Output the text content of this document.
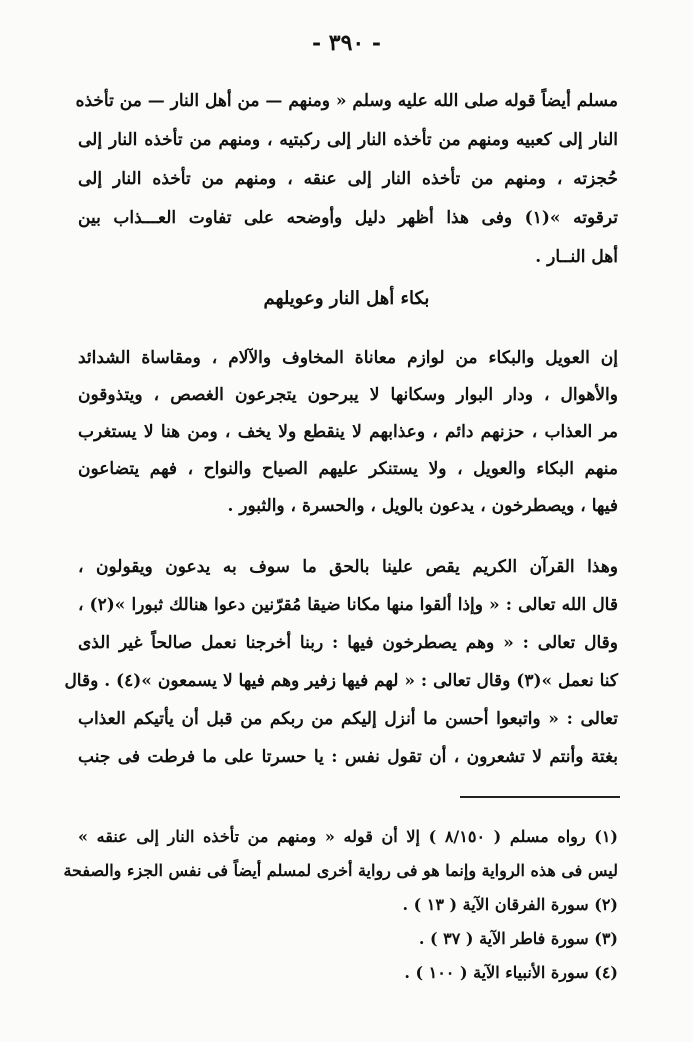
- ٣٩٠ -
مسلم أيضاً قوله صلى الله عليه وسلم « ومنهم — من أهل النار — من تأخذه
النار إلى كعبيه ومنهم من تأخذه النار إلى ركبتيه ، ومنهم من تأخذه النار إلى
حُجزته ، ومنهم من تأخذه النار إلى عنقه ، ومنهم من تأخذه النار إلى
ترقوته »(١) وفى هذا أظهر دليل وأوضحه على تفاوت العـــذاب بين
أهل النــار .
بكاء أهل النار وعويلهم
إن العويل والبكاء من لوازم معاناة المخاوف والآلام ، ومقاساة الشدائد
والأهوال ، ودار البوار وسكانها لا يبرحون يتجرعون الغصص ، ويتذوقون
مر العذاب ، حزنهم دائم ، وعذابهم لا ينقطع ولا يخف ، ومن هنا لا يستغرب
منهم البكاء والعويل ، ولا يستنكر عليهم الصياح والنواح ، فهم يتضاعون
فيها ، ويصطرخون ، يدعون بالويل ، والحسرة ، والثبور .
وهذا القرآن الكريم يقص علينا بالحق ما سوف به يدعون ويقولون ،
قال الله تعالى : « وإذا ألقوا منها مكانا ضيقا مُقرّنين دعوا هنالك ثبورا »(٢) ،
وقال تعالى : « وهم يصطرخون فيها : ربنا أخرجنا نعمل صالحاً غير الذى
كنا نعمل »(٣) وقال تعالى : « لهم فيها زفير وهم فيها لا يسمعون »(٤) . وقال
تعالى : « واتبعوا أحسن ما أنزل إليكم من ربكم من قبل أن يأتيكم العذاب
بغتة وأنتم لا تشعرون ، أن تقول نفس : يا حسرتا على ما فرطت فى جنب
(١) رواه مسلم ( ٨/١٥٠ ) إلا أن قوله « ومنهم من تأخذه النار إلى عنقه »
ليس فى هذه الرواية وإنما هو فى رواية أخرى لمسلم أيضاً فى نفس الجزء والصفحة
(٢) سورة الفرقان الآية ( ١٣ ) .
(٣) سورة فاطر الآية ( ٣٧ ) .
(٤) سورة الأنبياء الآية ( ١٠٠ ) .
